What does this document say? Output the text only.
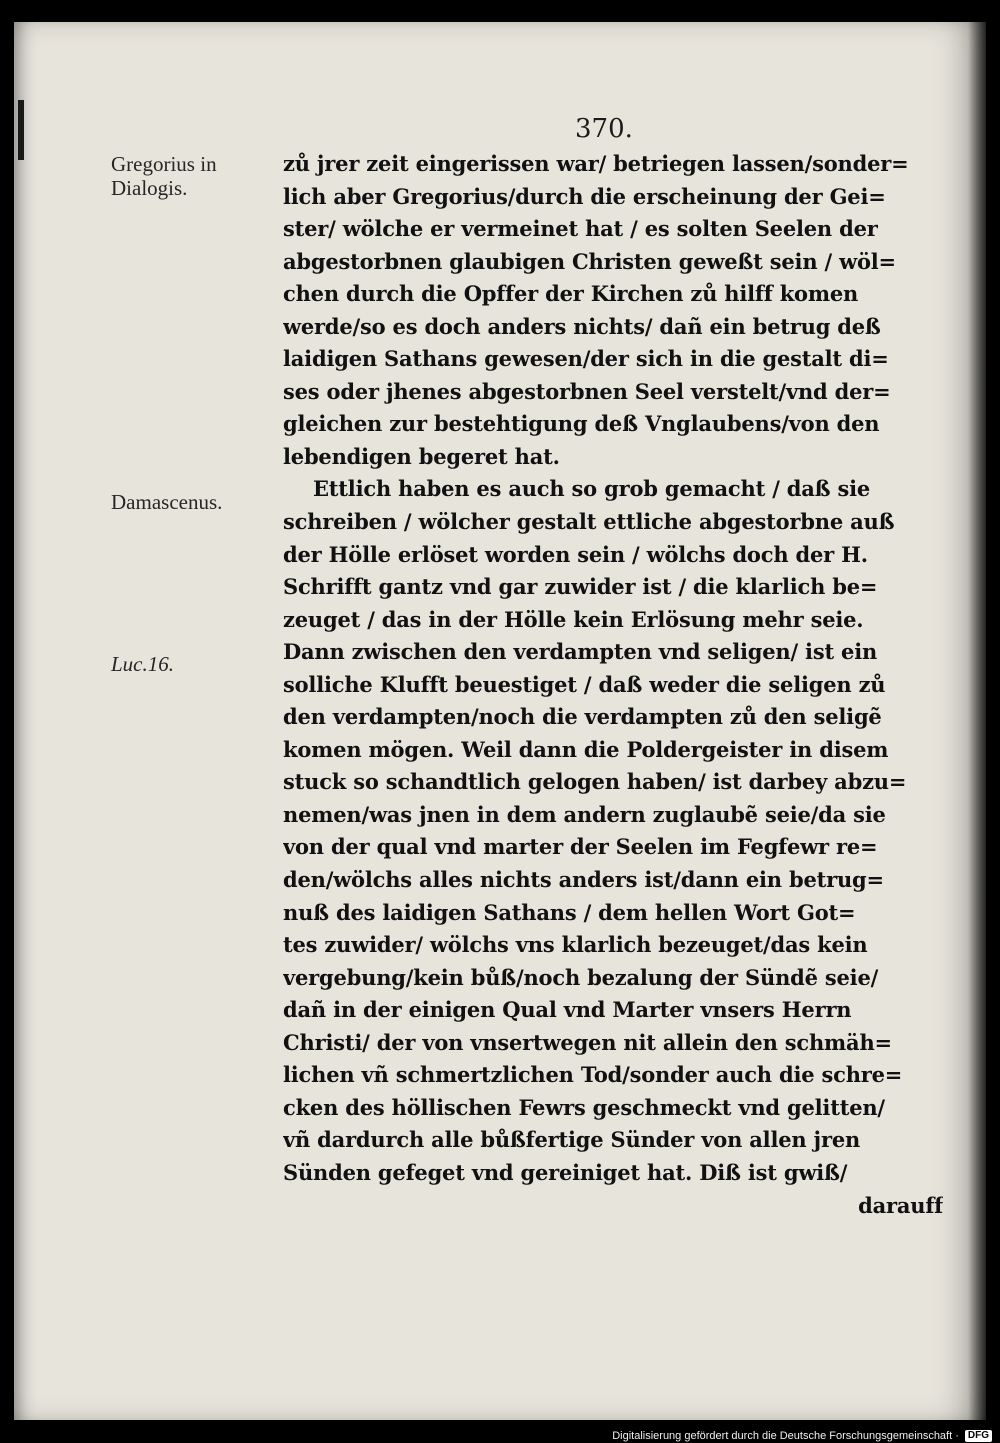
370.
Gregorius in
Dialogis.
Damascenus.
Luc.16.
zů jrer zeit eingerissen war/ betriegen lassen/sonder=
lich aber Gregorius/durch die erscheinung der Gei=
ster/ wölche er vermeinet hat / es solten Seelen der
abgestorbnen glaubigen Christen geweßt sein / wöl=
chen durch die Opffer der Kirchen zů hilff komen
werde/so es doch anders nichts/ dañ ein betrug deß
laidigen Sathans gewesen/der sich in die gestalt di=
ses oder jhenes abgestorbnen Seel verstelt/vnd der=
gleichen zur bestehtigung deß Vnglaubens/von den
lebendigen begeret hat.
Ettlich haben es auch so grob gemacht / daß sie
schreiben / wölcher gestalt ettliche abgestorbne auß
der Hölle erlöset worden sein / wölchs doch der H.
Schrifft gantz vnd gar zuwider ist / die klarlich be=
zeuget / das in der Hölle kein Erlösung mehr seie.
Dann zwischen den verdampten vnd seligen/ ist ein
solliche Klufft beuestiget / daß weder die seligen zů
den verdampten/noch die verdampten zů den seligẽ
komen mögen. Weil dann die Poldergeister in disem
stuck so schandtlich gelogen haben/ ist darbey abzu=
nemen/was jnen in dem andern zuglaubẽ seie/da sie
von der qual vnd marter der Seelen im Fegfewr re=
den/wölchs alles nichts anders ist/dann ein betrug=
nuß des laidigen Sathans / dem hellen Wort Got=
tes zuwider/ wölchs vns klarlich bezeuget/das kein
vergebung/kein bůß/noch bezalung der Sündẽ seie/
dañ in der einigen Qual vnd Marter vnsers Herrn
Christi/ der von vnsertwegen nit allein den schmäh=
lichen vñ schmertzlichen Tod/sonder auch die schre=
cken des höllischen Fewrs geschmeckt vnd gelitten/
vñ dardurch alle bůßfertige Sünder von allen jren
Sünden gefeget vnd gereiniget hat. Diß ist gwiß/
darauff
Digitalisierung gefördert durch die Deutsche Forschungsgemeinschaft · DFG
